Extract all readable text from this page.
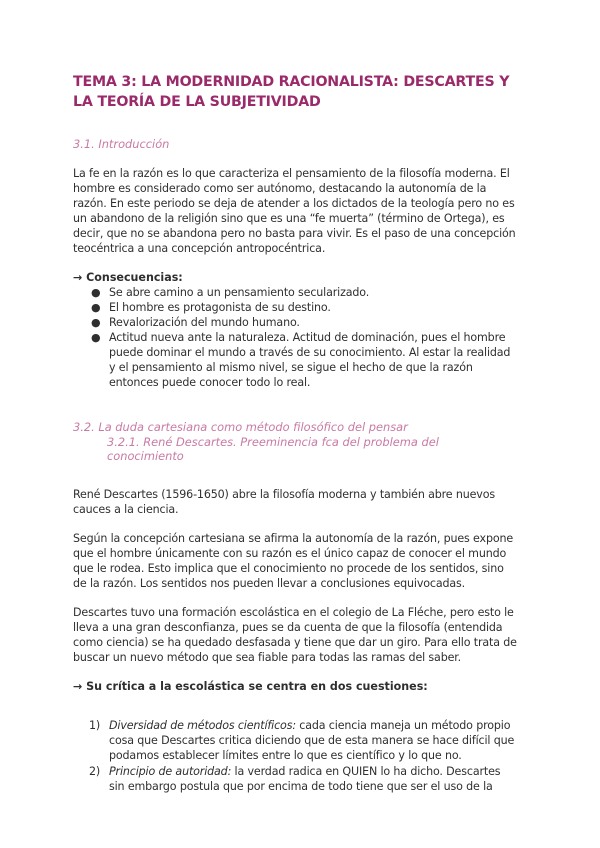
TEMA 3: LA MODERNIDAD RACIONALISTA: DESCARTES Y LA TEORÍA DE LA SUBJETIVIDAD
3.1. Introducción

La fe en la razón es lo que caracteriza el pensamiento de la filosofía moderna. El hombre es considerado como ser autónomo, destacando la autonomía de la razón. En este periodo se deja de atender a los dictados de la teología pero no es un abandono de la religión sino que es una “fe muerta” (término de Ortega), es decir, que no se abandona pero no basta para vivir. Es el paso de una concepción teocéntrica a una concepción antropocéntrica.

→ Consecuencias:
● Se abre camino a un pensamiento secularizado.
● El hombre es protagonista de su destino.
● Revalorización del mundo humano.
● Actitud nueva ante la naturaleza. Actitud de dominación, pues el hombre puede dominar el mundo a través de su conocimiento. Al estar la realidad y el pensamiento al mismo nivel, se sigue el hecho de que la razón entonces puede conocer todo lo real.
3.2. La duda cartesiana como método filosófico del pensar
3.2.1. René Descartes. Preeminencia fca del problema del conocimiento

René Descartes (1596-1650) abre la filosofía moderna y también abre nuevos cauces a la ciencia.

Según la concepción cartesiana se afirma la autonomía de la razón, pues expone que el hombre únicamente con su razón es el único capaz de conocer el mundo que le rodea. Esto implica que el conocimiento no procede de los sentidos, sino de la razón. Los sentidos nos pueden llevar a conclusiones equivocadas.

Descartes tuvo una formación escolástica en el colegio de La Fléche, pero esto le lleva a una gran desconfianza, pues se da cuenta de que la filosofía (entendida como ciencia) se ha quedado desfasada y tiene que dar un giro. Para ello trata de buscar un nuevo método que sea fiable para todas las ramas del saber.

→ Su crítica a la escolástica se centra en dos cuestiones:
1) Diversidad de métodos científicos: cada ciencia maneja un método propio cosa que Descartes critica diciendo que de esta manera se hace difícil que podamos establecer límites entre lo que es científico y lo que no.
2) Principio de autoridad: la verdad radica en QUIEN lo ha dicho. Descartes sin embargo postula que por encima de todo tiene que ser el uso de la
